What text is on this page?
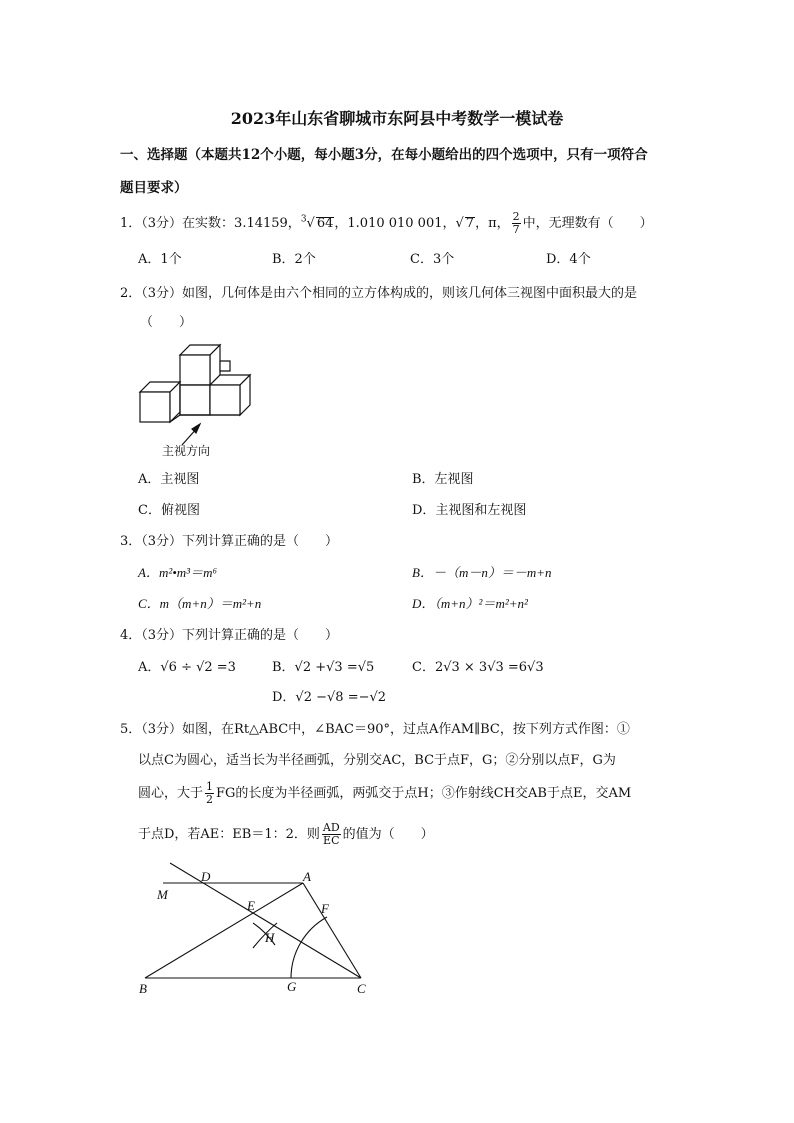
2023年山东省聊城市东阿县中考数学一模试卷
一、选择题（本题共12个小题，每小题3分，在每小题给出的四个选项中，只有一项符合
题目要求）
1．（3分）在实数：3.14159，$^3$√ 64，1.010 010 001，√ 7，π， $\frac{2}{7}$ 中，无理数有（　　）
A．1个	B．2个	C．3个	D．4个
2．（3分）如图，几何体是由六个相同的立方体构成的，则该几何体三视图中面积最大的是
（　　）
主视方向
A．主视图	B．左视图
C．俯视图	D．主视图和左视图
3．（3分）下列计算正确的是（　　）
A．m²•m³＝m⁶	B．－（m－n）＝－m+n
C．m（m+n）＝m²+n	D．（m+n）²＝m²+n²
4．（3分）下列计算正确的是（　　）
A．√6 ÷ √2 =3	B．√2 +√3 =√5	C．2√3 × 3√3 =6√3
D．√2 −√8 =−√2
5．（3分）如图，在Rt△ABC中，∠BAC＝90°，过点A作AM∥BC，按下列方式作图：①
以点C为圆心，适当长为半径画弧，分别交AC，BC于点F，G；②分别以点F，G为
圆心，大于 $\frac{1}{2}$ FG的长度为半径画弧，两弧交于点H；③作射线CH交AB于点E，交AM
于点D，若AE：EB＝1：2．则 $\frac{AD}{EC}$ 的值为（　　）
D	A
M
E	F
H
B	G	C
